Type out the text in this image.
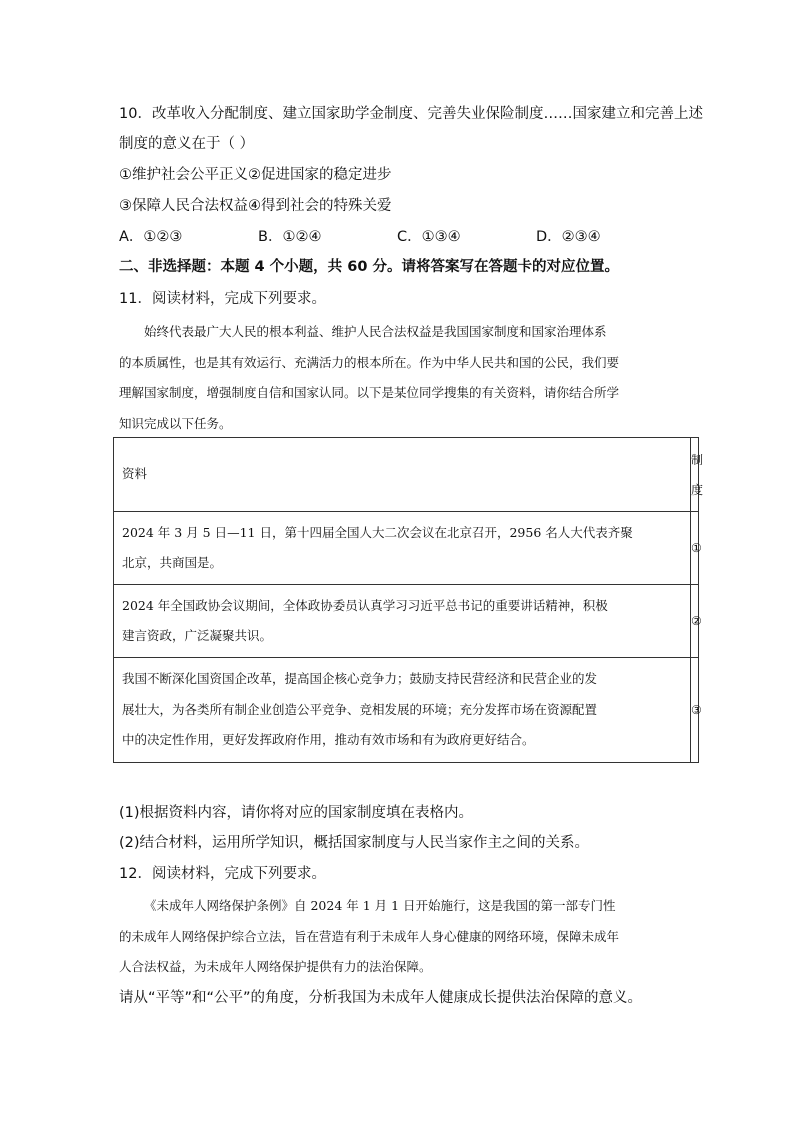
10．改革收入分配制度、建立国家助学金制度、完善失业保险制度……国家建立和完善上述
制度的意义在于（ ）
①维护社会公平正义②促进国家的稳定进步
③保障人民合法权益④得到社会的特殊关爱
A．①②③	B．①②④	C．①③④	D．②③④
二、非选择题：本题 4 个小题，共 60 分。请将答案写在答题卡的对应位置。
11．阅读材料，完成下列要求。

始终代表最广大人民的根本利益、维护人民合法权益是我国国家制度和国家治理体系

的本质属性，也是其有效运行、充满活力的根本所在。作为中华人民共和国的公民，我们要

理解国家制度，增强制度自信和国家认同。以下是某位同学搜集的有关资料，请你结合所学

知识完成以下任务。

资料	制
度

2024 年 3 月 5 日—11 日，第十四届全国人大二次会议在北京召开，2956 名人大代表齐聚
北京，共商国是。	①

2024 年全国政协会议期间，全体政协委员认真学习习近平总书记的重要讲话精神，积极
建言资政，广泛凝聚共识。	②

我国不断深化国资国企改革，提高国企核心竞争力；鼓励支持民营经济和民营企业的发
展壮大，为各类所有制企业创造公平竞争、竞相发展的环境；充分发挥市场在资源配置
中的决定性作用，更好发挥政府作用，推动有效市场和有为政府更好结合。	③
(1)根据资料内容，请你将对应的国家制度填在表格内。
(2)结合材料，运用所学知识，概括国家制度与人民当家作主之间的关系。
12．阅读材料，完成下列要求。

《未成年人网络保护条例》自 2024 年 1 月 1 日开始施行，这是我国的第一部专门性

的未成年人网络保护综合立法，旨在营造有利于未成年人身心健康的网络环境，保障未成年

人合法权益，为未成年人网络保护提供有力的法治保障。

请从“平等”和“公平”的角度，分析我国为未成年人健康成长提供法治保障的意义。
